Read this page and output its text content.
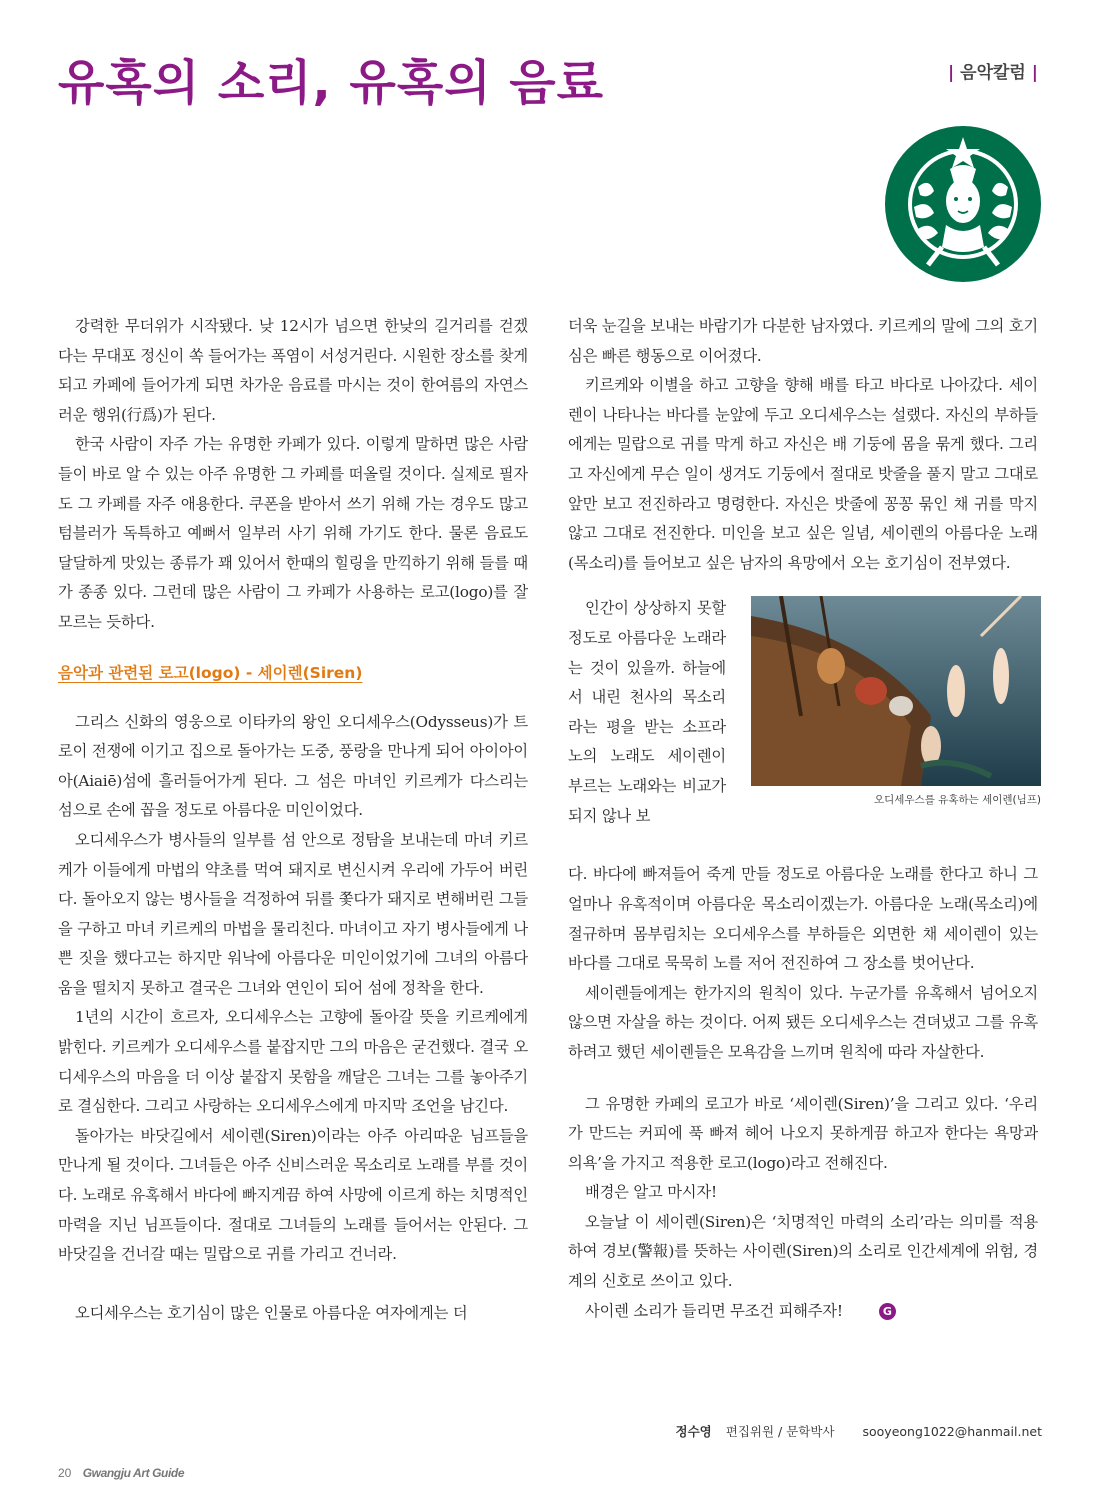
유혹의 소리, 유혹의 음료	| 음악칼럼 |

강력한 무더위가 시작됐다. 낮 12시가 넘으면 한낮의 길거리를 걷겠다는 무대포 정신이 쏙 들어가는 폭염이 서성거린다. 시원한 장소를 찾게 되고 카페에 들어가게 되면 차가운 음료를 마시는 것이 한여름의 자연스러운 행위(行爲)가 된다.

한국 사람이 자주 가는 유명한 카페가 있다. 이렇게 말하면 많은 사람들이 바로 알 수 있는 아주 유명한 그 카페를 떠올릴 것이다. 실제로 필자도 그 카페를 자주 애용한다. 쿠폰을 받아서 쓰기 위해 가는 경우도 많고 텀블러가 독특하고 예뻐서 일부러 사기 위해 가기도 한다. 물론 음료도 달달하게 맛있는 종류가 꽤 있어서 한때의 힐링을 만끽하기 위해 들를 때가 종종 있다. 그런데 많은 사람이 그 카페가 사용하는 로고(logo)를 잘 모르는 듯하다.

음악과 관련된 로고(logo) - 세이렌(Siren)

그리스 신화의 영웅으로 이타카의 왕인 오디세우스(Odysseus)가 트로이 전쟁에 이기고 집으로 돌아가는 도중, 풍랑을 만나게 되어 아이아이아(Aiaiē)섬에 흘러들어가게 된다. 그 섬은 마녀인 키르케가 다스리는 섬으로 손에 꼽을 정도로 아름다운 미인이었다.

오디세우스가 병사들의 일부를 섬 안으로 정탐을 보내는데 마녀 키르케가 이들에게 마법의 약초를 먹여 돼지로 변신시켜 우리에 가두어 버린다. 돌아오지 않는 병사들을 걱정하여 뒤를 쫓다가 돼지로 변해버린 그들을 구하고 마녀 키르케의 마법을 물리친다. 마녀이고 자기 병사들에게 나쁜 짓을 했다고는 하지만 워낙에 아름다운 미인이었기에 그녀의 아름다움을 떨치지 못하고 결국은 그녀와 연인이 되어 섬에 정착을 한다.

1년의 시간이 흐르자, 오디세우스는 고향에 돌아갈 뜻을 키르케에게 밝힌다. 키르케가 오디세우스를 붙잡지만 그의 마음은 굳건했다. 결국 오디세우스의 마음을 더 이상 붙잡지 못함을 깨달은 그녀는 그를 놓아주기로 결심한다. 그리고 사랑하는 오디세우스에게 마지막 조언을 남긴다.

돌아가는 바닷길에서 세이렌(Siren)이라는 아주 아리따운 님프들을 만나게 될 것이다. 그녀들은 아주 신비스러운 목소리로 노래를 부를 것이다. 노래로 유혹해서 바다에 빠지게끔 하여 사망에 이르게 하는 치명적인 마력을 지닌 님프들이다. 절대로 그녀들의 노래를 들어서는 안된다. 그 바닷길을 건너갈 때는 밀랍으로 귀를 가리고 건너라.

오디세우스는 호기심이 많은 인물로 아름다운 여자에게는 더

더욱 눈길을 보내는 바람기가 다분한 남자였다. 키르케의 말에 그의 호기심은 빠른 행동으로 이어졌다.

키르케와 이별을 하고 고향을 향해 배를 타고 바다로 나아갔다. 세이렌이 나타나는 바다를 눈앞에 두고 오디세우스는 설랬다. 자신의 부하들에게는 밀랍으로 귀를 막게 하고 자신은 배 기둥에 몸을 묶게 했다. 그리고 자신에게 무슨 일이 생겨도 기둥에서 절대로 밧줄을 풀지 말고 그대로 앞만 보고 전진하라고 명령한다. 자신은 밧줄에 꽁꽁 묶인 채 귀를 막지 않고 그대로 전진한다. 미인을 보고 싶은 일념, 세이렌의 아름다운 노래(목소리)를 들어보고 싶은 남자의 욕망에서 오는 호기심이 전부였다.

인간이 상상하지 못할 정도로 아름다운 노래라는 것이 있을까. 하늘에서 내린 천사의 목소리라는 평을 받는 소프라노의 노래도 세이렌이 부르는 노래와는 비교가 되지 않나 보

오디세우스를 유혹하는 세이렌(님프)

다. 바다에 빠져들어 죽게 만들 정도로 아름다운 노래를 한다고 하니 그 얼마나 유혹적이며 아름다운 목소리이겠는가. 아름다운 노래(목소리)에 절규하며 몸부림치는 오디세우스를 부하들은 외면한 채 세이렌이 있는 바다를 그대로 묵묵히 노를 저어 전진하여 그 장소를 벗어난다.

세이렌들에게는 한가지의 원칙이 있다. 누군가를 유혹해서 넘어오지 않으면 자살을 하는 것이다. 어찌 됐든 오디세우스는 견뎌냈고 그를 유혹하려고 했던 세이렌들은 모욕감을 느끼며 원칙에 따라 자살한다.

그 유명한 카페의 로고가 바로 ‘세이렌(Siren)’을 그리고 있다. ‘우리가 만드는 커피에 푹 빠져 헤어 나오지 못하게끔 하고자 한다는 욕망과 의욕’을 가지고 적용한 로고(logo)라고 전해진다.

배경은 알고 마시자!

오늘날 이 세이렌(Siren)은 ‘치명적인 마력의 소리’라는 의미를 적용하여 경보(警報)를 뜻하는 사이렌(Siren)의 소리로 인간세계에 위험, 경계의 신호로 쓰이고 있다.

사이렌 소리가 들리면 무조건 피해주자!	G

정수영 편집위원 / 문학박사 sooyeong1022@hanmail.net
20 Gwangju Art Guide
